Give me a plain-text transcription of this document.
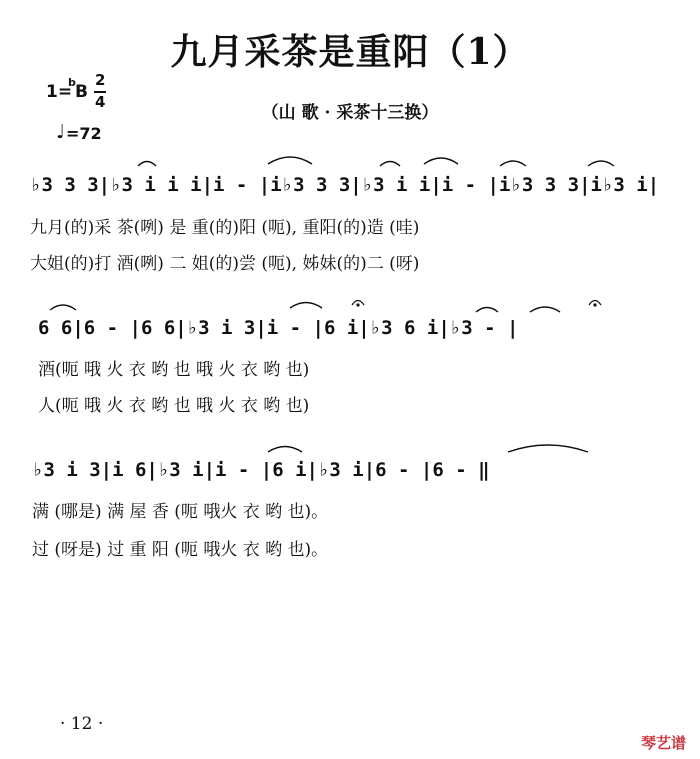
九月采茶是重阳（1）
（山 歌 · 采茶十三换）
1=
b B
2
4
♩ =72
♭3 3 3|♭3 i i i|i - |i♭3 3 3|♭3 i i|i - |i♭3 3 3|i♭3 i|
九月(的)采 茶(咧) 是 重(的)阳 (呃), 重阳(的)造 (哇)
大姐(的)打 酒(咧) 二 姐(的)尝 (呃), 姊妹(的)二 (呀)
6 6|6 - |6 6|♭3 i 3|i - |6 i|♭3 6 i|♭3 - |
酒(呃 哦 火 衣 哟 也 哦 火 衣 哟 也)
人(呃 哦 火 衣 哟 也 哦 火 衣 哟 也)
♭3 i 3|i 6|♭3 i|i - |6 i|♭3 i|6 - |6 - ‖
满 (哪是) 满 屋 香 (呃 哦火 衣 哟 也)。
过 (呀是) 过 重 阳 (呃 哦火 衣 哟 也)。
· 12 ·
琴艺谱
